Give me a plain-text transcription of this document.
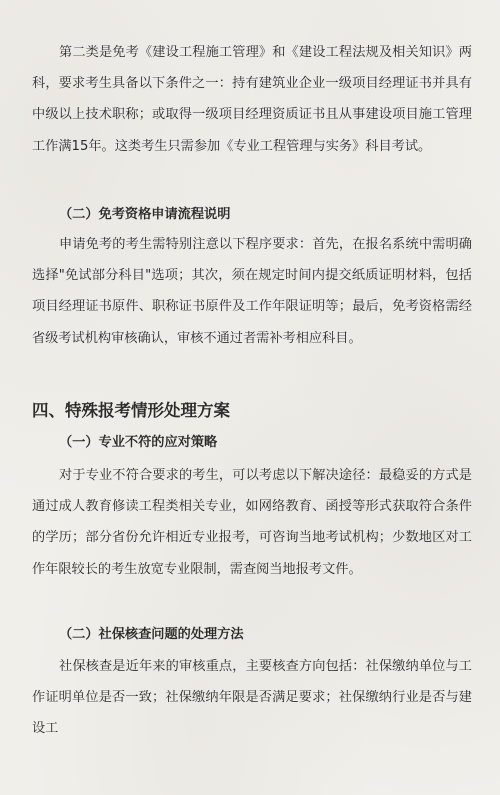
第二类是免考《建设工程施工管理》和《建设工程法规及相关知识》两科，要求考生具备以下条件之一：持有建筑业企业一级项目经理证书并具有中级以上技术职称；或取得一级项目经理资质证书且从事建设项目施工管理工作满15年。这类考生只需参加《专业工程管理与实务》科目考试。

（二）免考资格申请流程说明

申请免考的考生需特别注意以下程序要求：首先，在报名系统中需明确选择"免试部分科目"选项；其次，须在规定时间内提交纸质证明材料，包括项目经理证书原件、职称证书原件及工作年限证明等；最后，免考资格需经省级考试机构审核确认，审核不通过者需补考相应科目。

四、特殊报考情形处理方案
（一）专业不符的应对策略

对于专业不符合要求的考生，可以考虑以下解决途径：最稳妥的方式是通过成人教育修读工程类相关专业，如网络教育、函授等形式获取符合条件的学历；部分省份允许相近专业报考，可咨询当地考试机构；少数地区对工作年限较长的考生放宽专业限制，需查阅当地报考文件。

（二）社保核查问题的处理方法

社保核查是近年来的审核重点，主要核查方向包括：社保缴纳单位与工作证明单位是否一致；社保缴纳年限是否满足要求；社保缴纳行业是否与建设工
